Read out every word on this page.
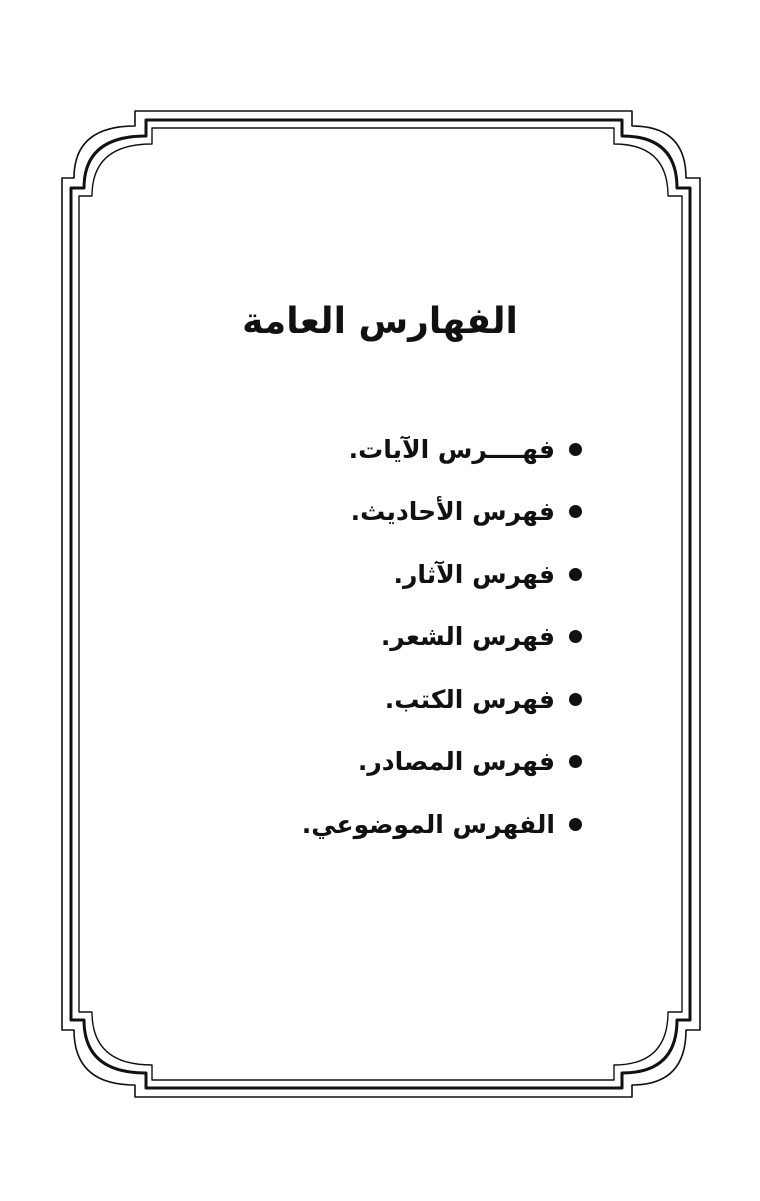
الفهارس العامة
فهــــرس الآيات.
فهرس الأحاديث.
فهرس الآثار.
فهرس الشعر.
فهرس الكتب.
فهرس المصادر.
الفهرس الموضوعي.
